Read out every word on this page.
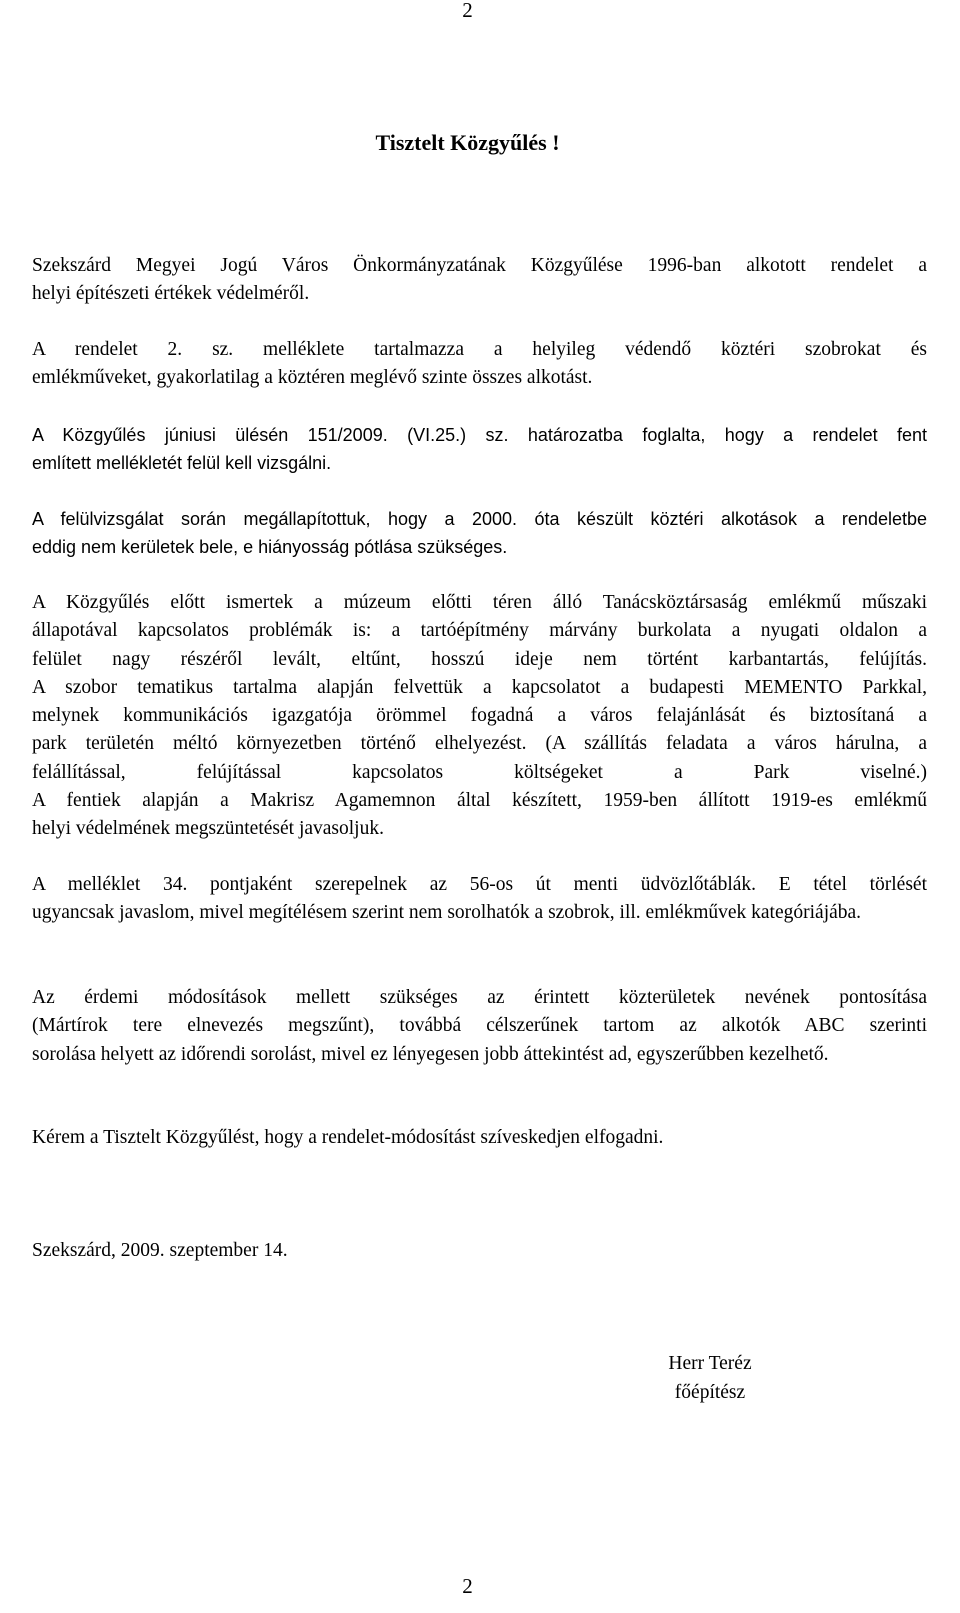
2
Tisztelt Közgyűlés !
Szekszárd Megyei Jogú Város Önkormányzatának Közgyűlése 1996-ban alkotott rendelet a helyi építészeti értékek védelméről.
A rendelet 2. sz. melléklete tartalmazza a helyileg védendő köztéri szobrokat és emlékműveket, gyakorlatilag a köztéren meglévő szinte összes alkotást.
A Közgyűlés júniusi ülésén 151/2009. (VI.25.) sz. határozatba foglalta, hogy a rendelet fent említett mellékletét felül kell vizsgálni.
A felülvizsgálat során megállapítottuk, hogy a 2000. óta készült köztéri alkotások a rendeletbe eddig nem kerületek bele, e hiányosság pótlása szükséges.
A Közgyűlés előtt ismertek a múzeum előtti téren álló Tanácsköztársaság emlékmű műszaki állapotával kapcsolatos problémák is: a tartóépítmény márvány burkolata a nyugati oldalon a felület nagy részéről levált, eltűnt, hosszú ideje nem történt karbantartás, felújítás. A szobor tematikus tartalma alapján felvettük a kapcsolatot a budapesti MEMENTO Parkkal, melynek kommunikációs igazgatója örömmel fogadná a város felajánlását és biztosítaná a park területén méltó környezetben történő elhelyezést. (A szállítás feladata a város hárulna, a felállítással, felújítással kapcsolatos költségeket a Park viselné.) A fentiek alapján a Makrisz Agamemnon által készített, 1959-ben állított 1919-es emlékmű helyi védelmének megszüntetését javasoljuk.
A melléklet 34. pontjaként szerepelnek az 56-os út menti üdvözlőtáblák. E tétel törlését ugyancsak javaslom, mivel megítélésem szerint nem sorolhatók a szobrok, ill. emlékművek kategóriájába.
Az érdemi módosítások mellett szükséges az érintett közterületek nevének pontosítása (Mártírok tere elnevezés megszűnt), továbbá célszerűnek tartom az alkotók ABC szerinti sorolása helyett az időrendi sorolást, mivel ez lényegesen jobb áttekintést ad, egyszerűbben kezelhető.
Kérem a Tisztelt Közgyűlést, hogy a rendelet-módosítást szíveskedjen elfogadni.
Szekszárd, 2009. szeptember 14.
Herr Teréz
főépítész
2
